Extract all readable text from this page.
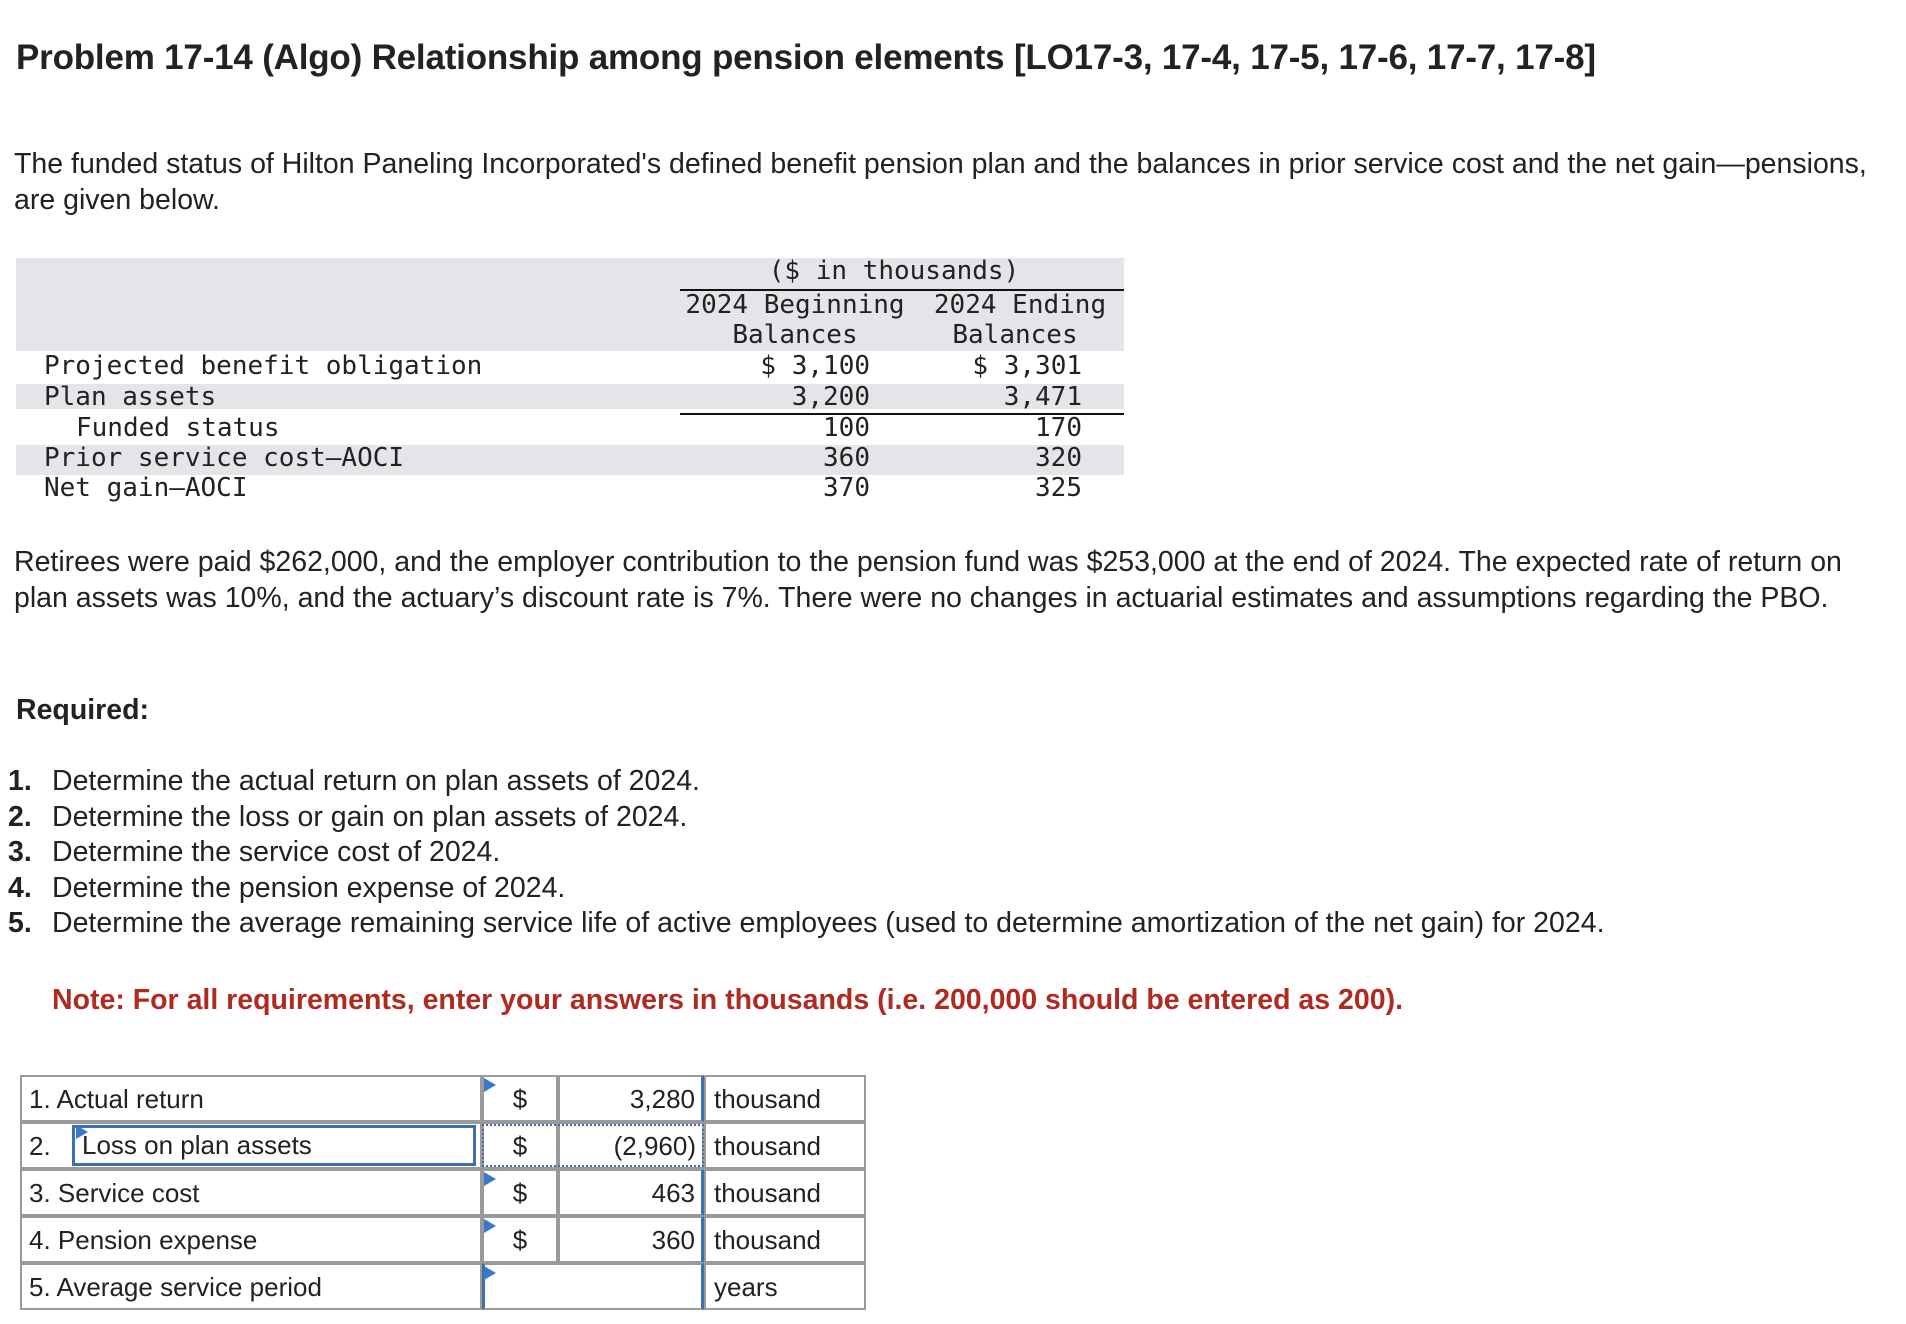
Problem 17-14 (Algo) Relationship among pension elements [LO17-3, 17-4, 17-5, 17-6, 17-7, 17-8]
The funded status of Hilton Paneling Incorporated's defined benefit pension plan and the balances in prior service cost and the net gain—pensions, are given below.
($ in thousands)
2024 Beginning	2024 Ending
Balances	Balances
Projected benefit obligation	$ 3,100	$ 3,301
Plan assets	3,200	3,471
Funded status	100	170
Prior service cost–AOCI	360	320
Net gain–AOCI	370	325
Retirees were paid $262,000, and the employer contribution to the pension fund was $253,000 at the end of 2024. The expected rate of return on plan assets was 10%, and the actuary’s discount rate is 7%. There were no changes in actuarial estimates and assumptions regarding the PBO.
Required:
1. Determine the actual return on plan assets of 2024.
2. Determine the loss or gain on plan assets of 2024.
3. Determine the service cost of 2024.
4. Determine the pension expense of 2024.
5. Determine the average remaining service life of active employees (used to determine amortization of the net gain) for 2024.
Note: For all requirements, enter your answers in thousands (i.e. 200,000 should be entered as 200).
1. Actual return	$	3,280 thousand
2.	Loss on plan assets	$	(2,960) thousand
3. Service cost	$	463 thousand
4. Pension expense	$	360 thousand
5. Average service period	years
